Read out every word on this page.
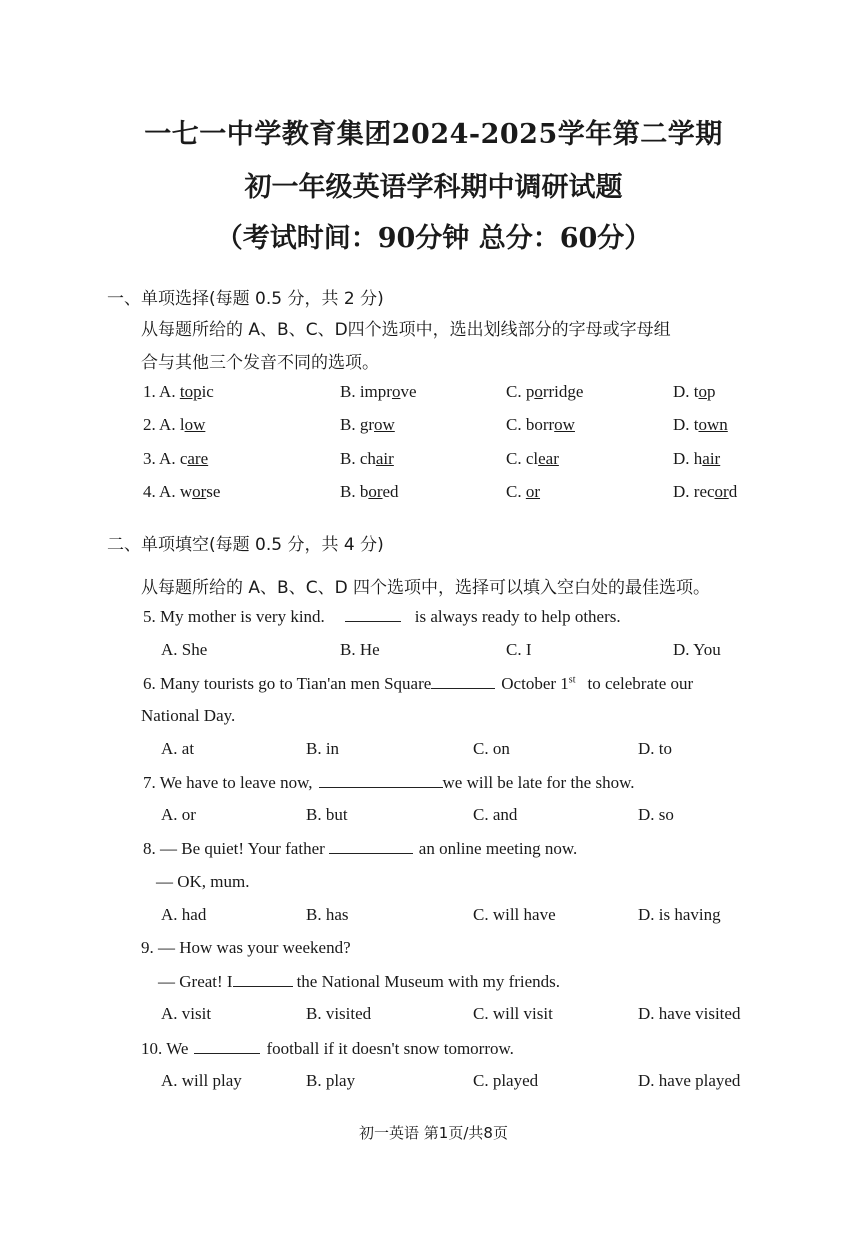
一七一中学教育集团2024-2025学年第二学期
初一年级英语学科期中调研试题
（考试时间：90分钟 总分：60分）
一、单项选择(每题 0.5 分，共 2 分)
从每题所给的 A、B、C、D四个选项中，选出划线部分的字母或字母组
合与其他三个发音不同的选项。
1. A. topic	B. improve	C. porridge	D. top
2. A. low	B. grow	C. borrow	D. town
3. A. care	B. chair	C. clear	D. hair
4. A. worse	B. bored	C. or	D. record
二、单项填空(每题 0.5 分，共 4 分)
从每题所给的 A、B、C、D 四个选项中，选择可以填入空白处的最佳选项。
5. My mother is very kind.	is always ready to help others.
A. She	B. He	C. I	D. You
6. Many tourists go to Tian'an men Square	October 1st to celebrate our
National Day.
A. at	B. in	C. on	D. to
7. We have to leave now,	we will be late for the show.
A. or	B. but	C. and	D. so
8. — Be quiet! Your father	an online meeting now.
— OK, mum.
A. had	B. has	C. will have	D. is having
9. — How was your weekend?
— Great! I	the National Museum with my friends.
A. visit	B. visited	C. will visit	D. have visited
10. We	football if it doesn't snow tomorrow.
A. will play	B. play	C. played	D. have played
初一英语 第1页/共8页
